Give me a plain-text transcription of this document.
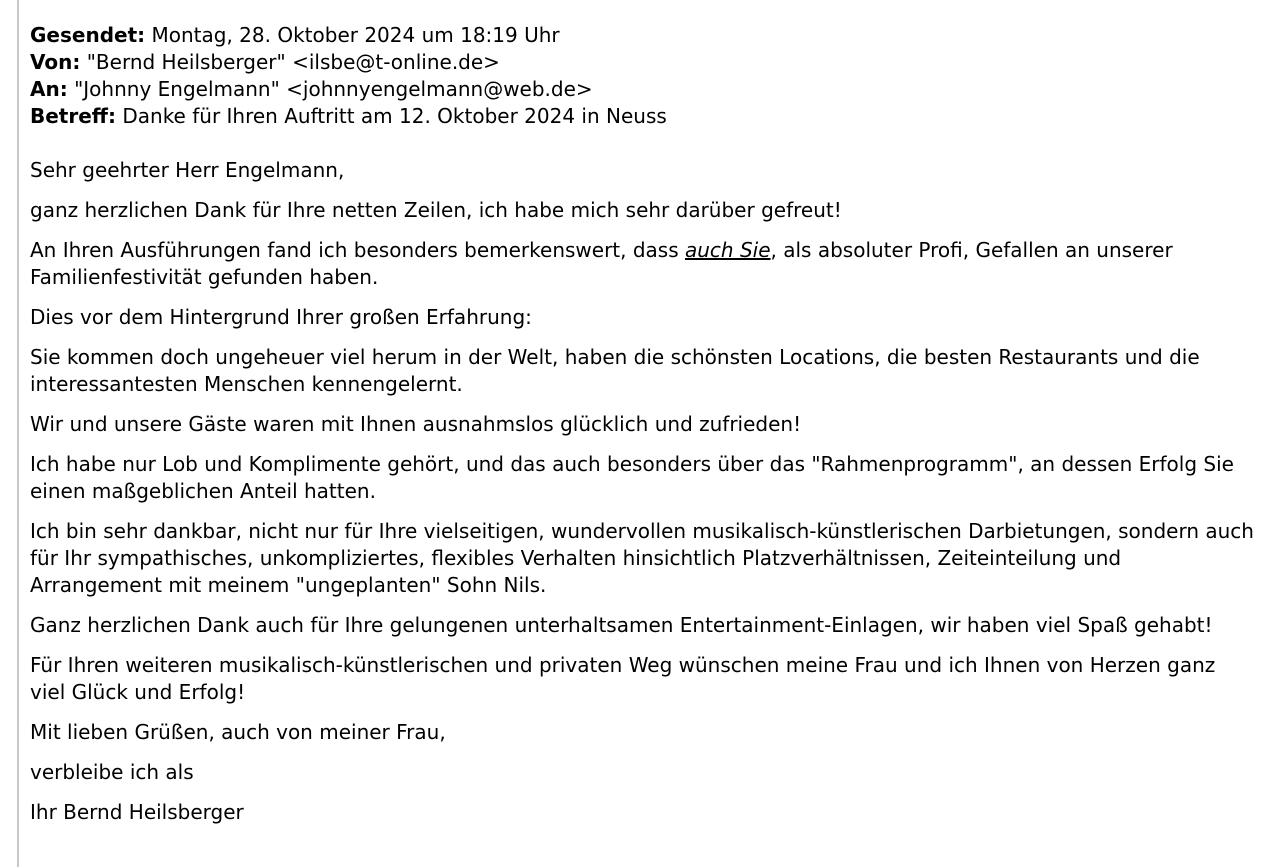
Gesendet: Montag, 28. Oktober 2024 um 18:19 Uhr

Von: "Bernd Heilsberger" <ilsbe@t-online.de>

An: "Johnny Engelmann" <johnnyengelmann@web.de>

Betreff: Danke für Ihren Auftritt am 12. Oktober 2024 in Neuss

Sehr geehrter Herr Engelmann,

ganz herzlichen Dank für Ihre netten Zeilen, ich habe mich sehr darüber gefreut!

An Ihren Ausführungen fand ich besonders bemerkenswert, dass auch Sie, als absoluter Profi, Gefallen an unserer Familienfestivität gefunden haben.

Dies vor dem Hintergrund Ihrer großen Erfahrung:

Sie kommen doch ungeheuer viel herum in der Welt, haben die schönsten Locations, die besten Restaurants und die interessantesten Menschen kennengelernt.

Wir und unsere Gäste waren mit Ihnen ausnahmslos glücklich und zufrieden!

Ich habe nur Lob und Komplimente gehört, und das auch besonders über das "Rahmenprogramm", an dessen Erfolg Sie einen maßgeblichen Anteil hatten.

Ich bin sehr dankbar, nicht nur für Ihre vielseitigen, wundervollen musikalisch-künstlerischen Darbietungen, sondern auch für Ihr sympathisches, unkompliziertes, flexibles Verhalten hinsichtlich Platzverhältnissen, Zeiteinteilung und Arrangement mit meinem "ungeplanten" Sohn Nils.

Ganz herzlichen Dank auch für Ihre gelungenen unterhaltsamen Entertainment-Einlagen, wir haben viel Spaß gehabt!

Für Ihren weiteren musikalisch-künstlerischen und privaten Weg wünschen meine Frau und ich Ihnen von Herzen ganz viel Glück und Erfolg!

Mit lieben Grüßen, auch von meiner Frau,

verbleibe ich als

Ihr Bernd Heilsberger
